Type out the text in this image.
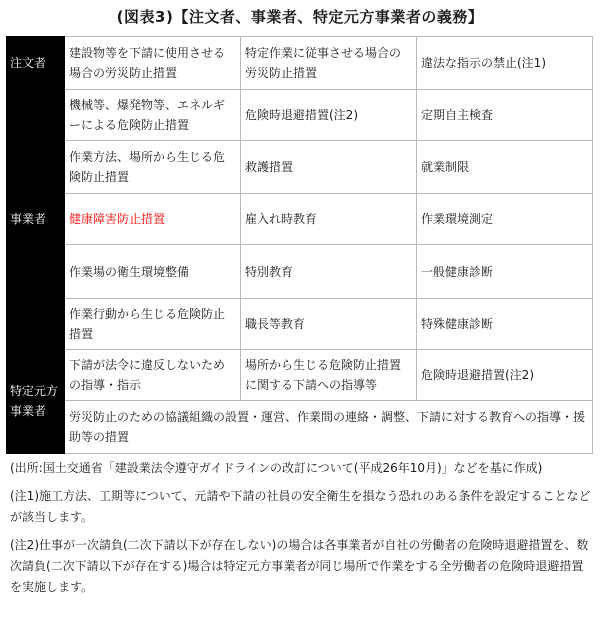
(図表3)【注文者、事業者、特定元方事業者の義務】
注文者	建設物等を下請に使用させる場合の労災防止措置	特定作業に従事させる場合の労災防止措置	違法な指示の禁止(注1)
事業者	機械等、爆発物等、エネルギーによる危険防止措置	危険時退避措置(注2)	定期自主検査
	作業方法、場所から生じる危険防止措置	救護措置	就業制限
	健康障害防止措置	雇入れ時教育	作業環境測定
	作業場の衛生環境整備	特別教育	一般健康診断
	作業行動から生じる危険防止措置	職長等教育	特殊健康診断
特定元方事業者	下請が法令に違反しないための指導・指示	場所から生じる危険防止措置に関する下請への指導等	危険時退避措置(注2)
	労災防止のための協議組織の設置・運営、作業間の連絡・調整、下請に対する教育への指導・援助等の措置		

(出所:国土交通省「建設業法令遵守ガイドラインの改訂について(平成26年10月)」などを基に作成)

(注1)施工方法、工期等について、元請や下請の社員の安全衛生を損なう恐れのある条件を設定することなどが該当します。

(注2)仕事が一次請負(二次下請以下が存在しない)の場合は各事業者が自社の労働者の危険時退避措置を、数次請負(二次下請以下が存在する)場合は特定元方事業者が同じ場所で作業をする全労働者の危険時退避措置を実施します。
